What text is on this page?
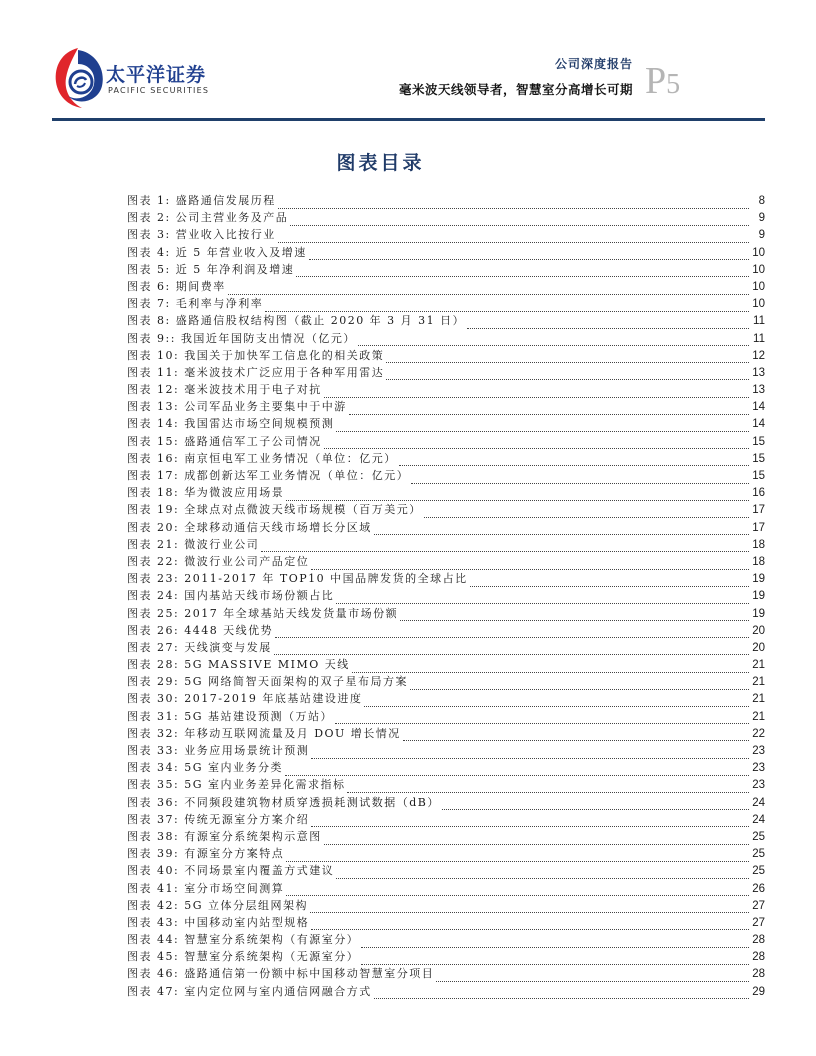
太平洋证券
PACIFIC SECURITIES
公司深度报告
毫米波天线领导者，智慧室分高增长可期 P5
图表目录
图表 1: 盛路通信发展历程	8
图表 2: 公司主营业务及产品	9
图表 3: 营业收入比按行业	9
图表 4: 近 5 年营业收入及增速	10
图表 5: 近 5 年净利润及增速	10
图表 6: 期间费率	10
图表 7: 毛利率与净利率	10
图表 8: 盛路通信股权结构图（截止 2020 年 3 月 31 日）	11
图表 9:: 我国近年国防支出情况（亿元）	11
图表 10: 我国关于加快军工信息化的相关政策	12
图表 11: 毫米波技术广泛应用于各种军用雷达	13
图表 12: 毫米波技术用于电子对抗	13
图表 13: 公司军品业务主要集中于中游	14
图表 14: 我国雷达市场空间规模预测	14
图表 15: 盛路通信军工子公司情况	15
图表 16: 南京恒电军工业务情况（单位：亿元）	15
图表 17: 成都创新达军工业务情况（单位：亿元）	15
图表 18: 华为微波应用场景	16
图表 19: 全球点对点微波天线市场规模（百万美元）	17
图表 20: 全球移动通信天线市场增长分区域	17
图表 21: 微波行业公司	18
图表 22: 微波行业公司产品定位	18
图表 23: 2011-2017 年 TOP10 中国品牌发货的全球占比	19
图表 24: 国内基站天线市场份额占比	19
图表 25: 2017 年全球基站天线发货量市场份额	19
图表 26: 4448 天线优势	20
图表 27: 天线演变与发展	20
图表 28: 5G MASSIVE MIMO 天线	21
图表 29: 5G 网络简智天面架构的双子星布局方案	21
图表 30: 2017-2019 年底基站建设进度	21
图表 31: 5G 基站建设预测（万站）	21
图表 32: 年移动互联网流量及月 DOU 增长情况	22
图表 33: 业务应用场景统计预测	23
图表 34: 5G 室内业务分类	23
图表 35: 5G 室内业务差异化需求指标	23
图表 36: 不同频段建筑物材质穿透损耗测试数据（dB）	24
图表 37: 传统无源室分方案介绍	24
图表 38: 有源室分系统架构示意图	25
图表 39: 有源室分方案特点	25
图表 40: 不同场景室内覆盖方式建议	25
图表 41: 室分市场空间测算	26
图表 42: 5G 立体分层组网架构	27
图表 43: 中国移动室内站型规格	27
图表 44: 智慧室分系统架构（有源室分）	28
图表 45: 智慧室分系统架构（无源室分）	28
图表 46: 盛路通信第一份额中标中国移动智慧室分项目	28
图表 47: 室内定位网与室内通信网融合方式	29
